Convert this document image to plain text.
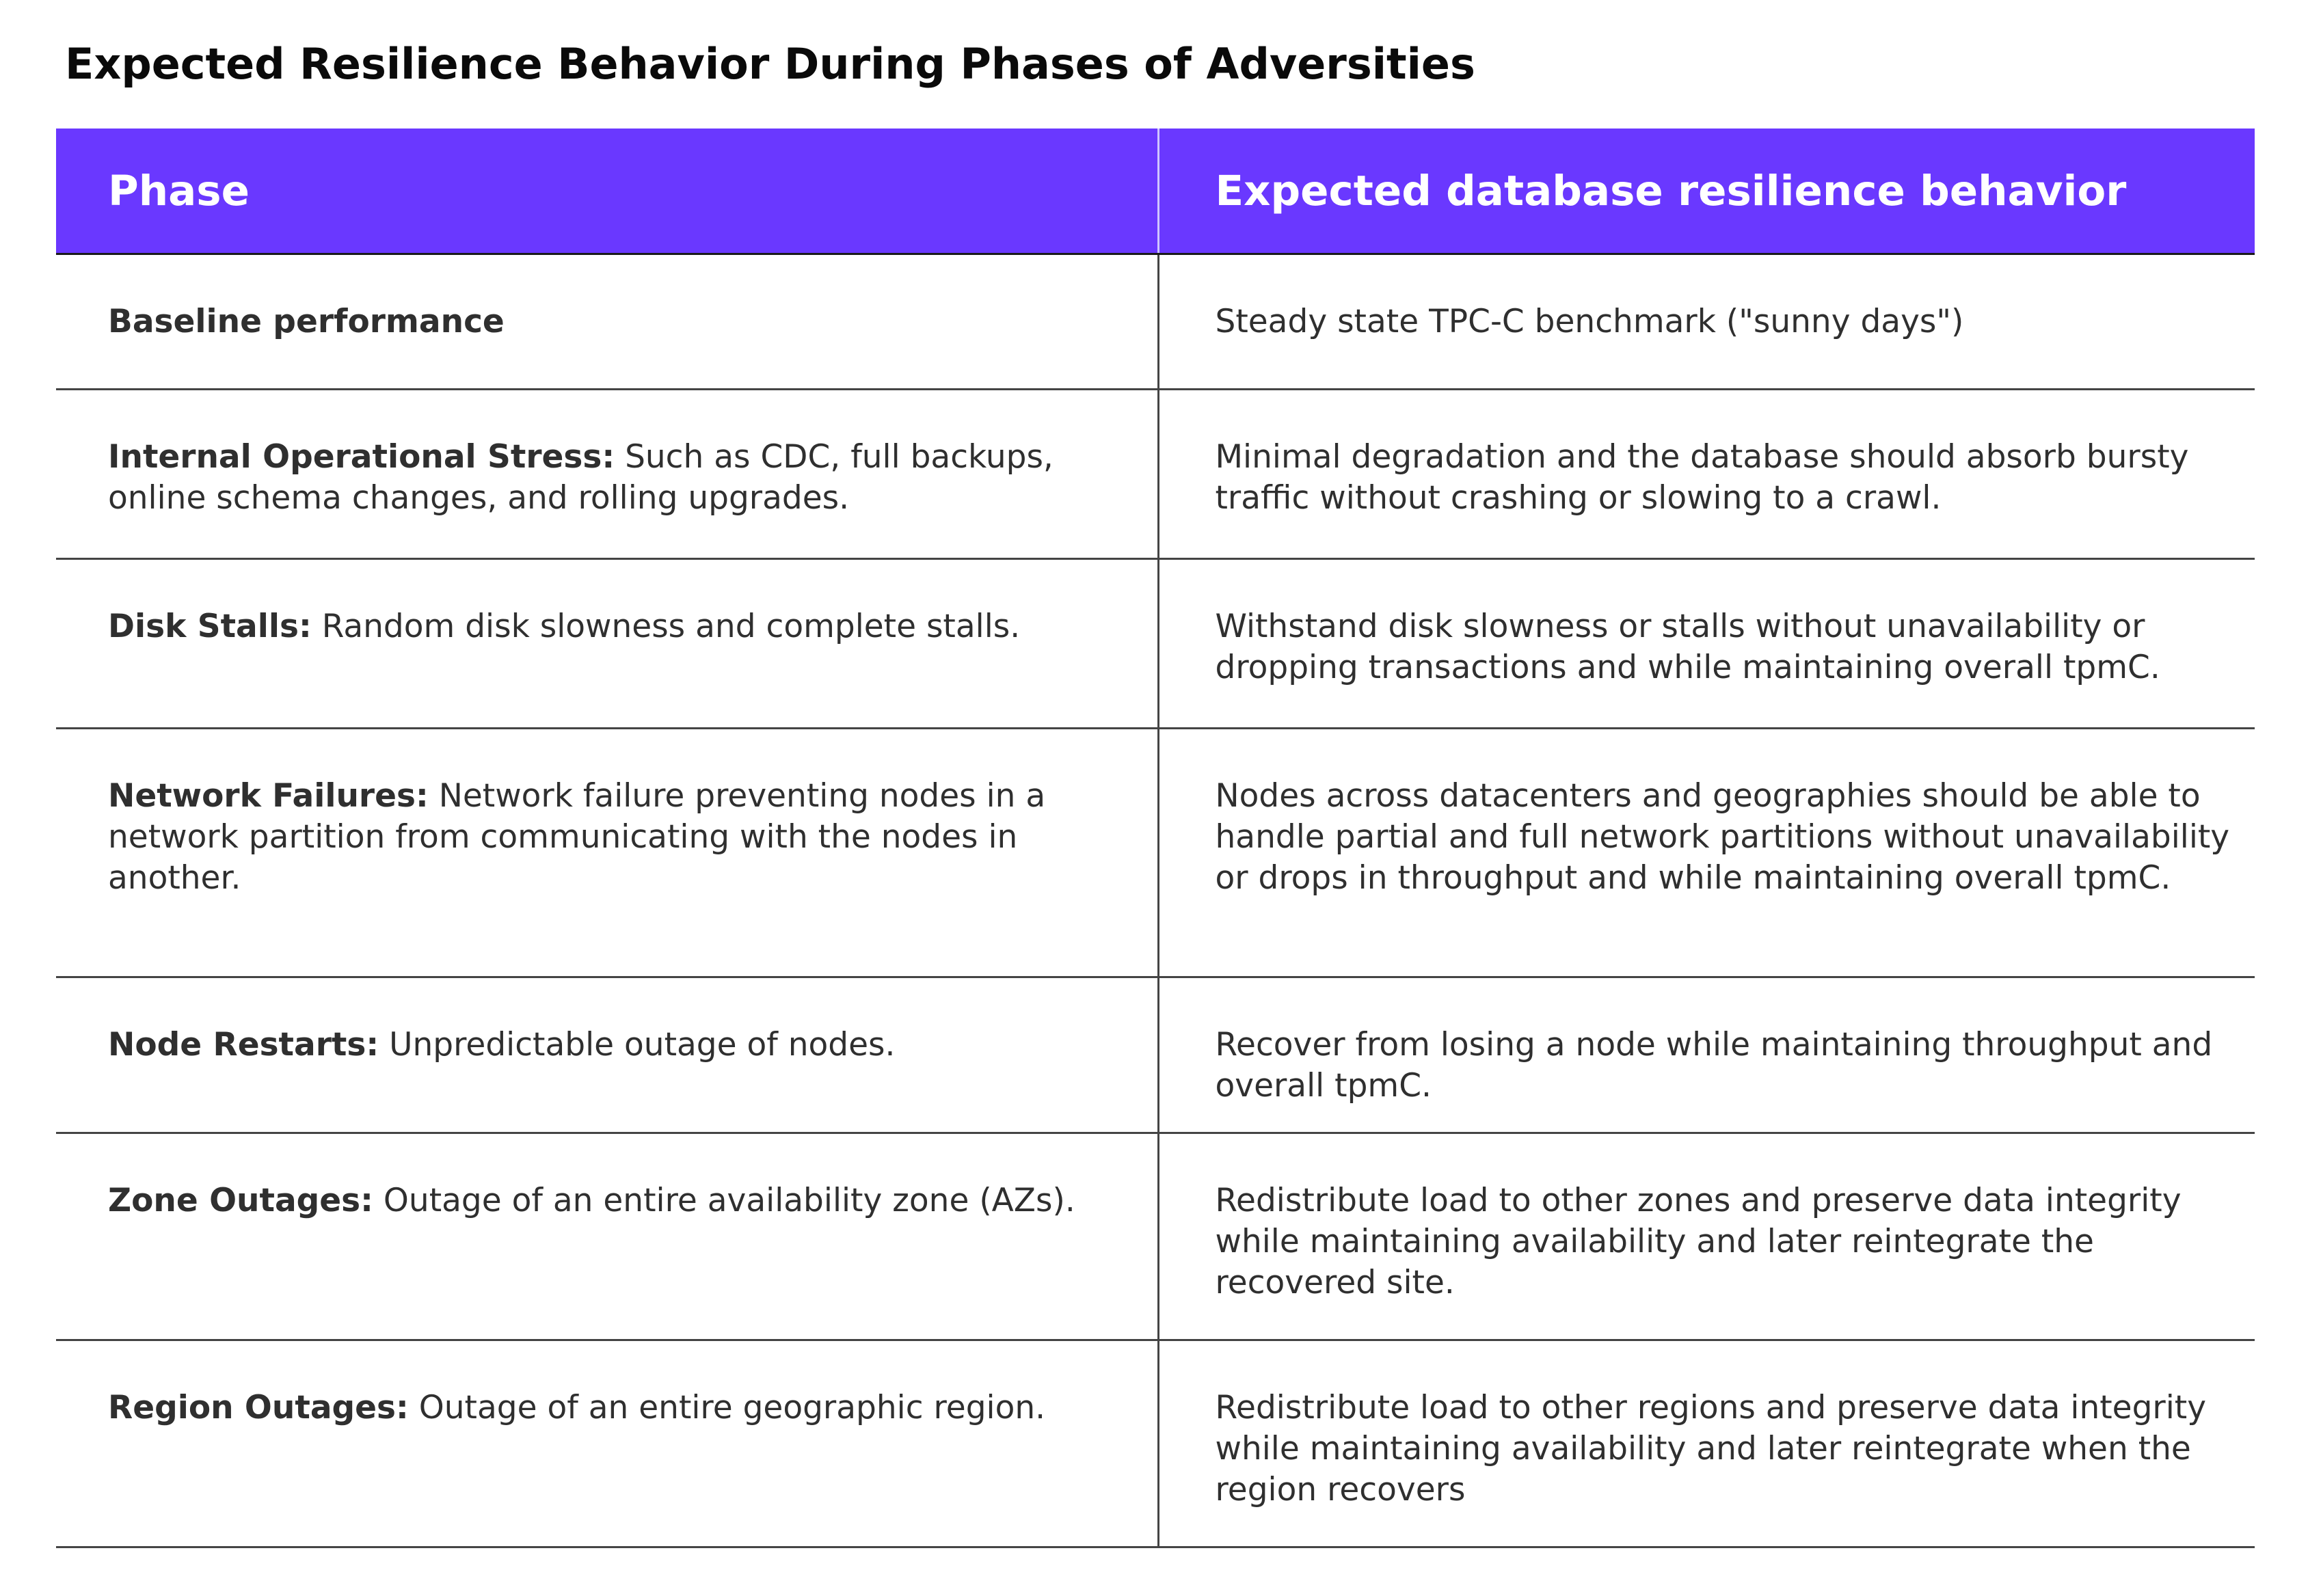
Expected Resilience Behavior During Phases of Adversities
Phase	Expected database resilience behavior
Baseline performance	Steady state TPC-C benchmark ("sunny days")
Internal Operational Stress: Such as CDC, full backups, online schema changes, and rolling upgrades.	Minimal degradation and the database should absorb bursty traffic without crashing or slowing to a crawl.
Disk Stalls: Random disk slowness and complete stalls.	Withstand disk slowness or stalls without unavailability or dropping transactions and while maintaining overall tpmC.
Network Failures: Network failure preventing nodes in a network partition from communicating with the nodes in another.	Nodes across datacenters and geographies should be able to handle partial and full network partitions without unavailability or drops in throughput and while maintaining overall tpmC.
Node Restarts: Unpredictable outage of nodes.	Recover from losing a node while maintaining throughput and overall tpmC.
Zone Outages: Outage of an entire availability zone (AZs).	Redistribute load to other zones and preserve data integrity while maintaining availability and later reintegrate the recovered site.
Region Outages: Outage of an entire geographic region.	Redistribute load to other regions and preserve data integrity while maintaining availability and later reintegrate when the region recovers
